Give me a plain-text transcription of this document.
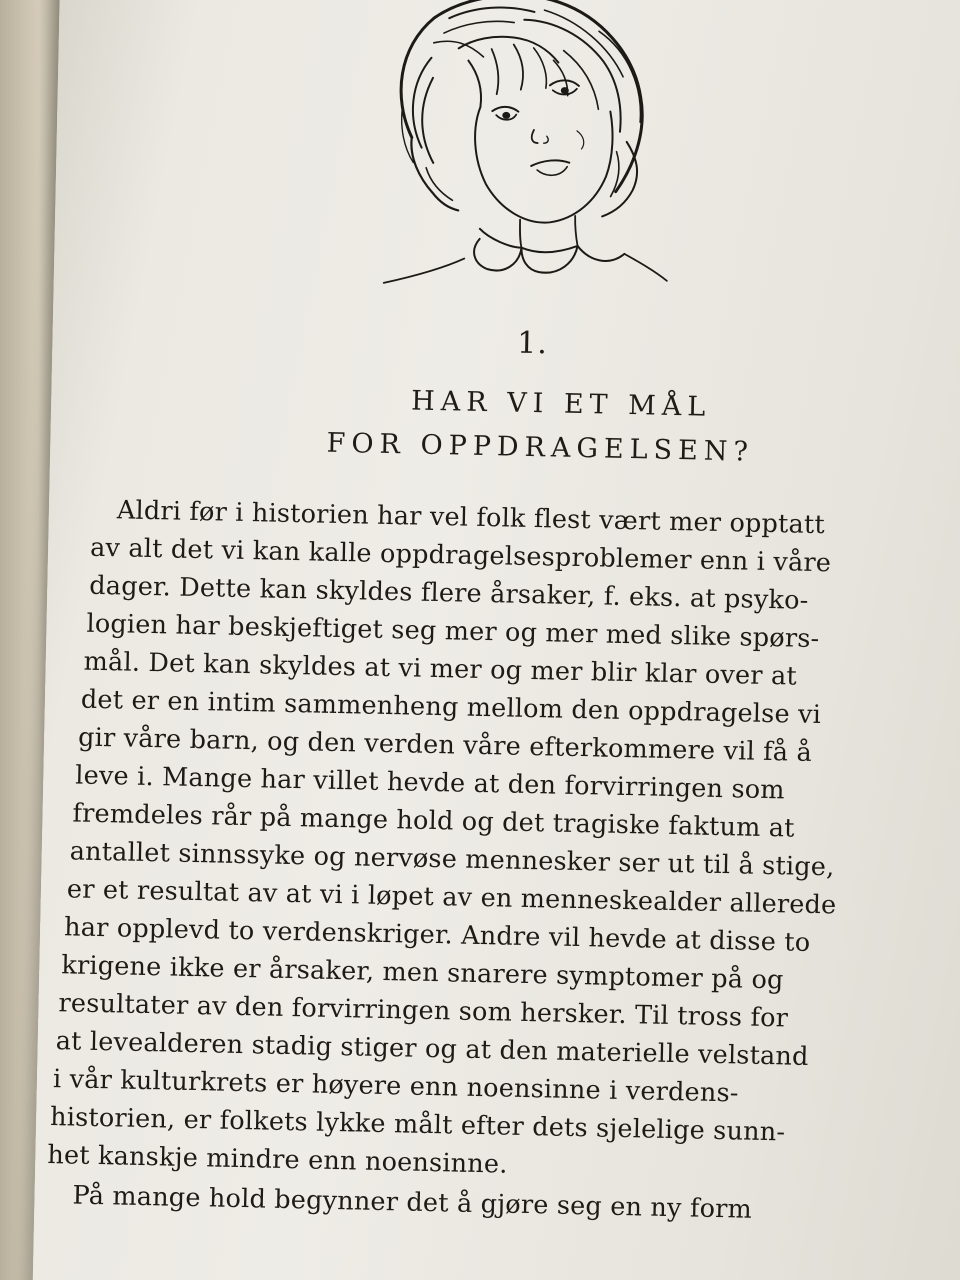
1.
HAR VI ET MÅL
FOR OPPDRAGELSEN?
Aldri før i historien har vel folk flest vært mer opptatt
av alt det vi kan kalle oppdragelsesproblemer enn i våre
dager. Dette kan skyldes flere årsaker, f. eks. at psyko-
logien har beskjeftiget seg mer og mer med slike spørs-
mål. Det kan skyldes at vi mer og mer blir klar over at
det er en intim sammenheng mellom den oppdragelse vi
gir våre barn, og den verden våre efterkommere vil få å
leve i. Mange har villet hevde at den forvirringen som
fremdeles rår på mange hold og det tragiske faktum at
antallet sinnssyke og nervøse mennesker ser ut til å stige,
er et resultat av at vi i løpet av en menneskealder allerede
har opplevd to verdenskriger. Andre vil hevde at disse to
krigene ikke er årsaker, men snarere symptomer på og
resultater av den forvirringen som hersker. Til tross for
at levealderen stadig stiger og at den materielle velstand
i vår kulturkrets er høyere enn noensinne i verdens-
historien, er folkets lykke målt efter dets sjelelige sunn-
het kanskje mindre enn noensinne.
På mange hold begynner det å gjøre seg en ny form
